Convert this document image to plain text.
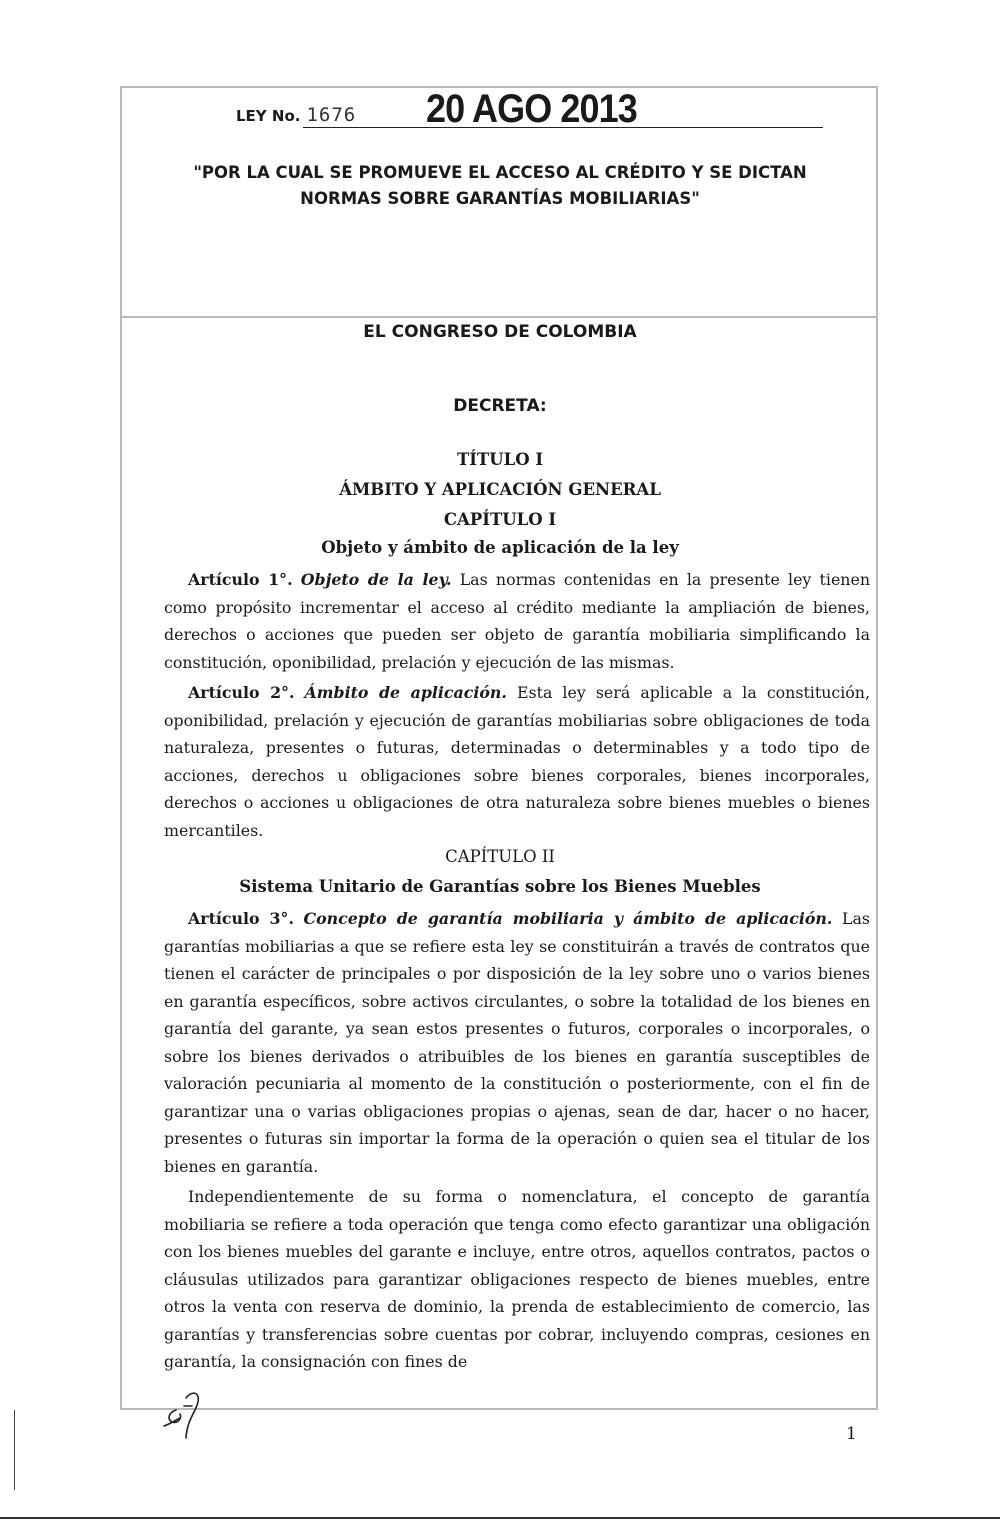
LEY No. 1676	20 AGO 2013
"POR LA CUAL SE PROMUEVE EL ACCESO AL CRÉDITO Y SE DICTAN
NORMAS SOBRE GARANTÍAS MOBILIARIAS"
EL CONGRESO DE COLOMBIA
DECRETA:
TÍTULO I
ÁMBITO Y APLICACIÓN GENERAL
CAPÍTULO I
Objeto y ámbito de aplicación de la ley

Artículo 1°. Objeto de la ley. Las normas contenidas en la presente ley tienen como propósito incrementar el acceso al crédito mediante la ampliación de bienes, derechos o acciones que pueden ser objeto de garantía mobiliaria simplificando la constitución, oponibilidad, prelación y ejecución de las mismas.

Artículo 2°. Ámbito de aplicación. Esta ley será aplicable a la constitución, oponibilidad, prelación y ejecución de garantías mobiliarias sobre obligaciones de toda naturaleza, presentes o futuras, determinadas o determinables y a todo tipo de acciones, derechos u obligaciones sobre bienes corporales, bienes incorporales, derechos o acciones u obligaciones de otra naturaleza sobre bienes muebles o bienes mercantiles.

CAPÍTULO II
Sistema Unitario de Garantías sobre los Bienes Muebles

Artículo 3°. Concepto de garantía mobiliaria y ámbito de aplicación. Las garantías mobiliarias a que se refiere esta ley se constituirán a través de contratos que tienen el carácter de principales o por disposición de la ley sobre uno o varios bienes en garantía específicos, sobre activos circulantes, o sobre la totalidad de los bienes en garantía del garante, ya sean estos presentes o futuros, corporales o incorporales, o sobre los bienes derivados o atribuibles de los bienes en garantía susceptibles de valoración pecuniaria al momento de la constitución o posteriormente, con el fin de garantizar una o varias obligaciones propias o ajenas, sean de dar, hacer o no hacer, presentes o futuras sin importar la forma de la operación o quien sea el titular de los bienes en garantía.

Independientemente de su forma o nomenclatura, el concepto de garantía mobiliaria se refiere a toda operación que tenga como efecto garantizar una obligación con los bienes muebles del garante e incluye, entre otros, aquellos contratos, pactos o cláusulas utilizados para garantizar obligaciones respecto de bienes muebles, entre otros la venta con reserva de dominio, la prenda de establecimiento de comercio, las garantías y transferencias sobre cuentas por cobrar, incluyendo compras, cesiones en garantía, la consignación con fines de

1
